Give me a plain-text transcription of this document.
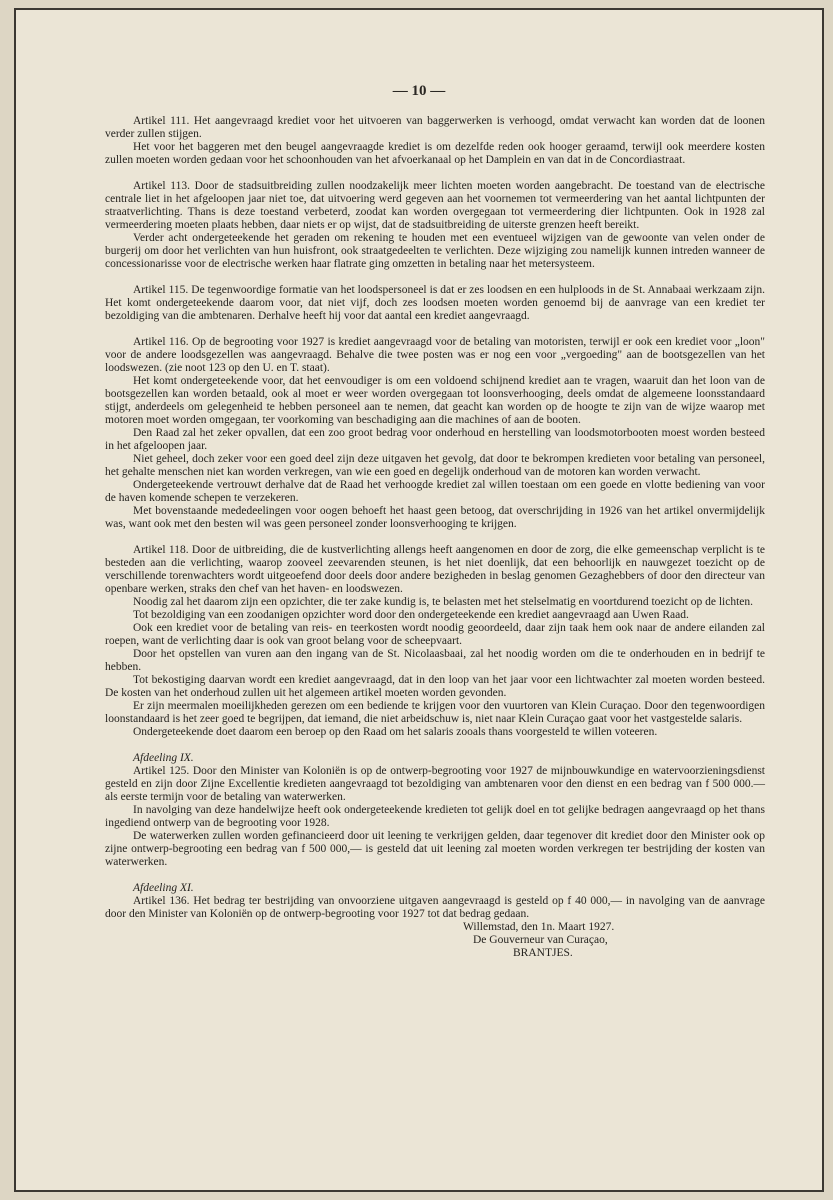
— 10 —

Artikel 111. Het aangevraagd krediet voor het uitvoeren van baggerwerken is verhoogd, omdat verwacht kan worden dat de loonen verder zullen stijgen.

Het voor het baggeren met den beugel aangevraagde krediet is om dezelfde reden ook hooger geraamd, terwijl ook meerdere kosten zullen moeten worden gedaan voor het schoonhouden van het afvoerkanaal op het Damplein en van dat in de Concordiastraat.

Artikel 113. Door de stadsuitbreiding zullen noodzakelijk meer lichten moeten worden aangebracht. De toestand van de electrische centrale liet in het afgeloopen jaar niet toe, dat uitvoering werd gegeven aan het voornemen tot vermeerdering van het aantal lichtpunten der straatverlichting. Thans is deze toestand verbeterd, zoodat kan worden overgegaan tot vermeerdering dier lichtpunten. Ook in 1928 zal vermeerdering moeten plaats hebben, daar niets er op wijst, dat de stadsuitbreiding de uiterste grenzen heeft bereikt.

Verder acht ondergeteekende het geraden om rekening te houden met een eventueel wijzigen van de gewoonte van velen onder de burgerij om door het verlichten van hun huisfront, ook straatgedeelten te verlichten. Deze wijziging zou namelijk kunnen intreden wanneer de concessionarisse voor de electrische werken haar flatrate ging omzetten in betaling naar het metersysteem.

Artikel 115. De tegenwoordige formatie van het loodspersoneel is dat er zes loodsen en een hulploods in de St. Annabaai werkzaam zijn. Het komt ondergeteekende daarom voor, dat niet vijf, doch zes loodsen moeten worden genoemd bij de aanvrage van een krediet ter bezoldiging van die ambtenaren. Derhalve heeft hij voor dat aantal een krediet aangevraagd.

Artikel 116. Op de begrooting voor 1927 is krediet aangevraagd voor de betaling van motoristen, terwijl er ook een krediet voor „loon" voor de andere loodsgezellen was aangevraagd. Behalve die twee posten was er nog een voor „vergoeding" aan de bootsgezellen van het loodswezen. (zie noot 123 op den U. en T. staat).

Het komt ondergeteekende voor, dat het eenvoudiger is om een voldoend schijnend krediet aan te vragen, waaruit dan het loon van de bootsgezellen kan worden betaald, ook al moet er weer worden overgegaan tot loonsverhooging, deels omdat de algemeene loonsstandaard stijgt, anderdeels om gelegenheid te hebben personeel aan te nemen, dat geacht kan worden op de hoogte te zijn van de wijze waarop met motoren moet worden omgegaan, ter voorkoming van beschadiging aan die machines of aan de booten.

Den Raad zal het zeker opvallen, dat een zoo groot bedrag voor onderhoud en herstelling van loodsmotorbooten moest worden besteed in het afgeloopen jaar.

Niet geheel, doch zeker voor een goed deel zijn deze uitgaven het gevolg, dat door te bekrompen kredieten voor betaling van personeel, het gehalte menschen niet kan worden verkregen, van wie een goed en degelijk onderhoud van de motoren kan worden verwacht.

Ondergeteekende vertrouwt derhalve dat de Raad het verhoogde krediet zal willen toestaan om een goede en vlotte bediening van voor de haven komende schepen te verzekeren.

Met bovenstaande mededeelingen voor oogen behoeft het haast geen betoog, dat overschrijding in 1926 van het artikel onvermijdelijk was, want ook met den besten wil was geen personeel zonder loonsverhooging te krijgen.

Artikel 118. Door de uitbreiding, die de kustverlichting allengs heeft aangenomen en door de zorg, die elke gemeenschap verplicht is te besteden aan die verlichting, waarop zooveel zeevarenden steunen, is het niet doenlijk, dat een behoorlijk en nauwgezet toezicht op de verschillende torenwachters wordt uitgeoefend door deels door andere bezigheden in beslag genomen Gezaghebbers of door den directeur van openbare werken, straks den chef van het haven- en loodswezen.

Noodig zal het daarom zijn een opzichter, die ter zake kundig is, te belasten met het stelselmatig en voortdurend toezicht op de lichten.

Tot bezoldiging van een zoodanigen opzichter word door den ondergeteekende een krediet aangevraagd aan Uwen Raad.

Ook een krediet voor de betaling van reis- en teerkosten wordt noodig geoordeeld, daar zijn taak hem ook naar de andere eilanden zal roepen, want de verlichting daar is ook van groot belang voor de scheepvaart.

Door het opstellen van vuren aan den ingang van de St. Nicolaasbaai, zal het noodig worden om die te onderhouden en in bedrijf te hebben.

Tot bekostiging daarvan wordt een krediet aangevraagd, dat in den loop van het jaar voor een lichtwachter zal moeten worden besteed. De kosten van het onderhoud zullen uit het algemeen artikel moeten worden gevonden.

Er zijn meermalen moeilijkheden gerezen om een bediende te krijgen voor den vuurtoren van Klein Curaçao. Door den tegenwoordigen loonstandaard is het zeer goed te begrijpen, dat iemand, die niet arbeidschuw is, niet naar Klein Curaçao gaat voor het vastgestelde salaris.

Ondergeteekende doet daarom een beroep op den Raad om het salaris zooals thans voorgesteld te willen voteeren.

Afdeeling IX.

Artikel 125. Door den Minister van Koloniën is op de ontwerp-begrooting voor 1927 de mijnbouwkundige en watervoorzieningsdienst gesteld en zijn door Zijne Excellentie kredieten aangevraagd tot bezoldiging van ambtenaren voor den dienst en een bedrag van f 500 000.— als eerste termijn voor de betaling van waterwerken.

In navolging van deze handelwijze heeft ook ondergeteekende kredieten tot gelijk doel en tot gelijke bedragen aangevraagd op het thans ingediend ontwerp van de begrooting voor 1928.

De waterwerken zullen worden gefinancieerd door uit leening te verkrijgen gelden, daar tegenover dit krediet door den Minister ook op zijne ontwerp-begrooting een bedrag van f 500 000,— is gesteld dat uit leening zal moeten worden verkregen ter bestrijding der kosten van waterwerken.

Afdeeling XI.

Artikel 136. Het bedrag ter bestrijding van onvoorziene uitgaven aangevraagd is gesteld op f 40 000,— in navolging van de aanvrage door den Minister van Koloniën op de ontwerp-begrooting voor 1927 tot dat bedrag gedaan.

Willemstad, den 1n. Maart 1927.

De Gouverneur van Curaçao,

BRANTJES.
